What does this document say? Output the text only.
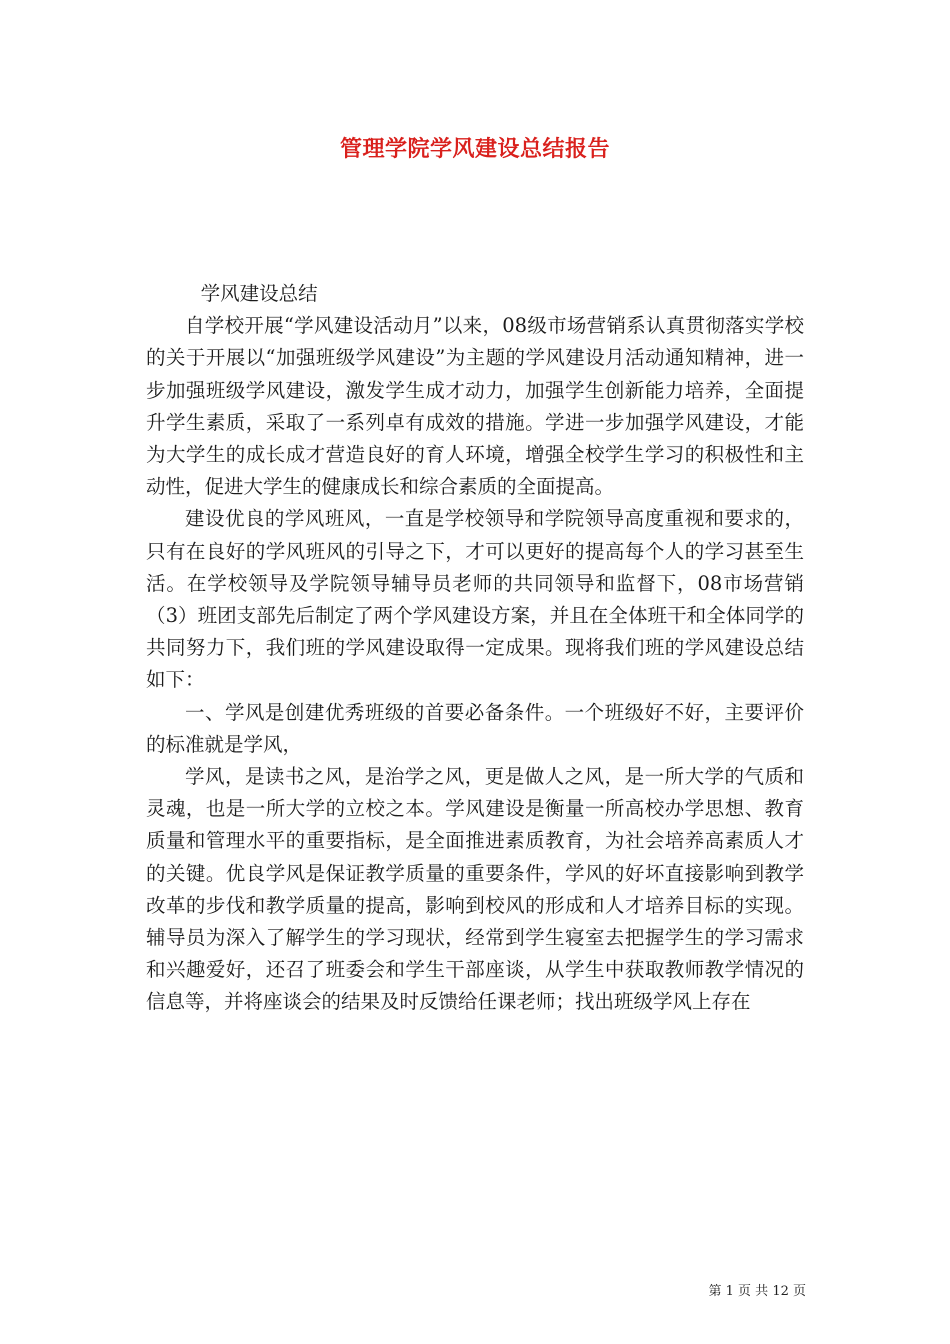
管理学院学风建设总结报告

学风建设总结

自学校开展“学风建设活动月”以来，08级市场营销系认真贯彻落实学校的关于开展以“加强班级学风建设”为主题的学风建设月活动通知精神，进一步加强班级学风建设，激发学生成才动力，加强学生创新能力培养，全面提升学生素质，采取了一系列卓有成效的措施。学进一步加强学风建设，才能为大学生的成长成才营造良好的育人环境，增强全校学生学习的积极性和主动性，促进大学生的健康成长和综合素质的全面提高。

建设优良的学风班风，一直是学校领导和学院领导高度重视和要求的，只有在良好的学风班风的引导之下，才可以更好的提高每个人的学习甚至生活。在学校领导及学院领导辅导员老师的共同领导和监督下，08市场营销（3）班团支部先后制定了两个学风建设方案，并且在全体班干和全体同学的共同努力下，我们班的学风建设取得一定成果。现将我们班的学风建设总结如下：

一、学风是创建优秀班级的首要必备条件。一个班级好不好，主要评价的标准就是学风，

学风，是读书之风，是治学之风，更是做人之风，是一所大学的气质和灵魂，也是一所大学的立校之本。学风建设是衡量一所高校办学思想、教育质量和管理水平的重要指标，是全面推进素质教育，为社会培养高素质人才的关键。优良学风是保证教学质量的重要条件，学风的好坏直接影响到教学改革的步伐和教学质量的提高，影响到校风的形成和人才培养目标的实现。辅导员为深入了解学生的学习现状，经常到学生寝室去把握学生的学习需求和兴趣爱好，还召了班委会和学生干部座谈，从学生中获取教师教学情况的信息等，并将座谈会的结果及时反馈给任课老师；找出班级学风上存在

第 1 页 共 12 页
